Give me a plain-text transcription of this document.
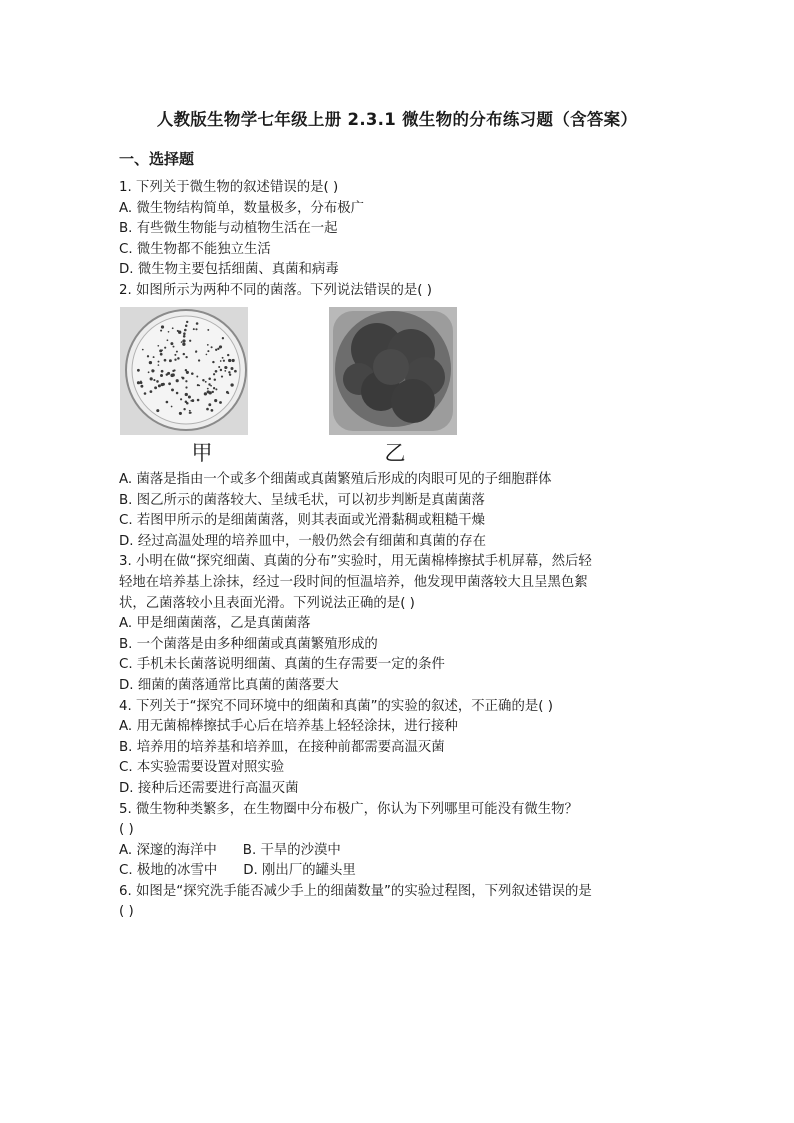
人教版生物学七年级上册 2.3.1 微生物的分布练习题（含答案）
一、选择题
1. 下列关于微生物的叙述错误的是( )
A. 微生物结构简单，数量极多，分布极广
B. 有些微生物能与动植物生活在一起
C. 微生物都不能独立生活
D. 微生物主要包括细菌、真菌和病毒
2. 如图所示为两种不同的菌落。下列说法错误的是( )
甲	乙
A. 菌落是指由一个或多个细菌或真菌繁殖后形成的肉眼可见的子细胞群体
B. 图乙所示的菌落较大、呈绒毛状，可以初步判断是真菌菌落
C. 若图甲所示的是细菌菌落，则其表面或光滑黏稠或粗糙干燥
D. 经过高温处理的培养皿中，一般仍然会有细菌和真菌的存在
3. 小明在做“探究细菌、真菌的分布”实验时，用无菌棉棒擦拭手机屏幕，然后轻
轻地在培养基上涂抹，经过一段时间的恒温培养，他发现甲菌落较大且呈黑色絮
状，乙菌落较小且表面光滑。下列说法正确的是( )
A. 甲是细菌菌落，乙是真菌菌落
B. 一个菌落是由多种细菌或真菌繁殖形成的
C. 手机未长菌落说明细菌、真菌的生存需要一定的条件
D. 细菌的菌落通常比真菌的菌落要大
4. 下列关于“探究不同环境中的细菌和真菌”的实验的叙述，不正确的是( )
A. 用无菌棉棒擦拭手心后在培养基上轻轻涂抹，进行接种
B. 培养用的培养基和培养皿，在接种前都需要高温灭菌
C. 本实验需要设置对照实验
D. 接种后还需要进行高温灭菌
5. 微生物种类繁多，在生物圈中分布极广，你认为下列哪里可能没有微生物？
( )
A. 深邃的海洋中 B. 干旱的沙漠中
C. 极地的冰雪中 D. 刚出厂的罐头里
6. 如图是“探究洗手能否减少手上的细菌数量”的实验过程图，下列叙述错误的是
( )
